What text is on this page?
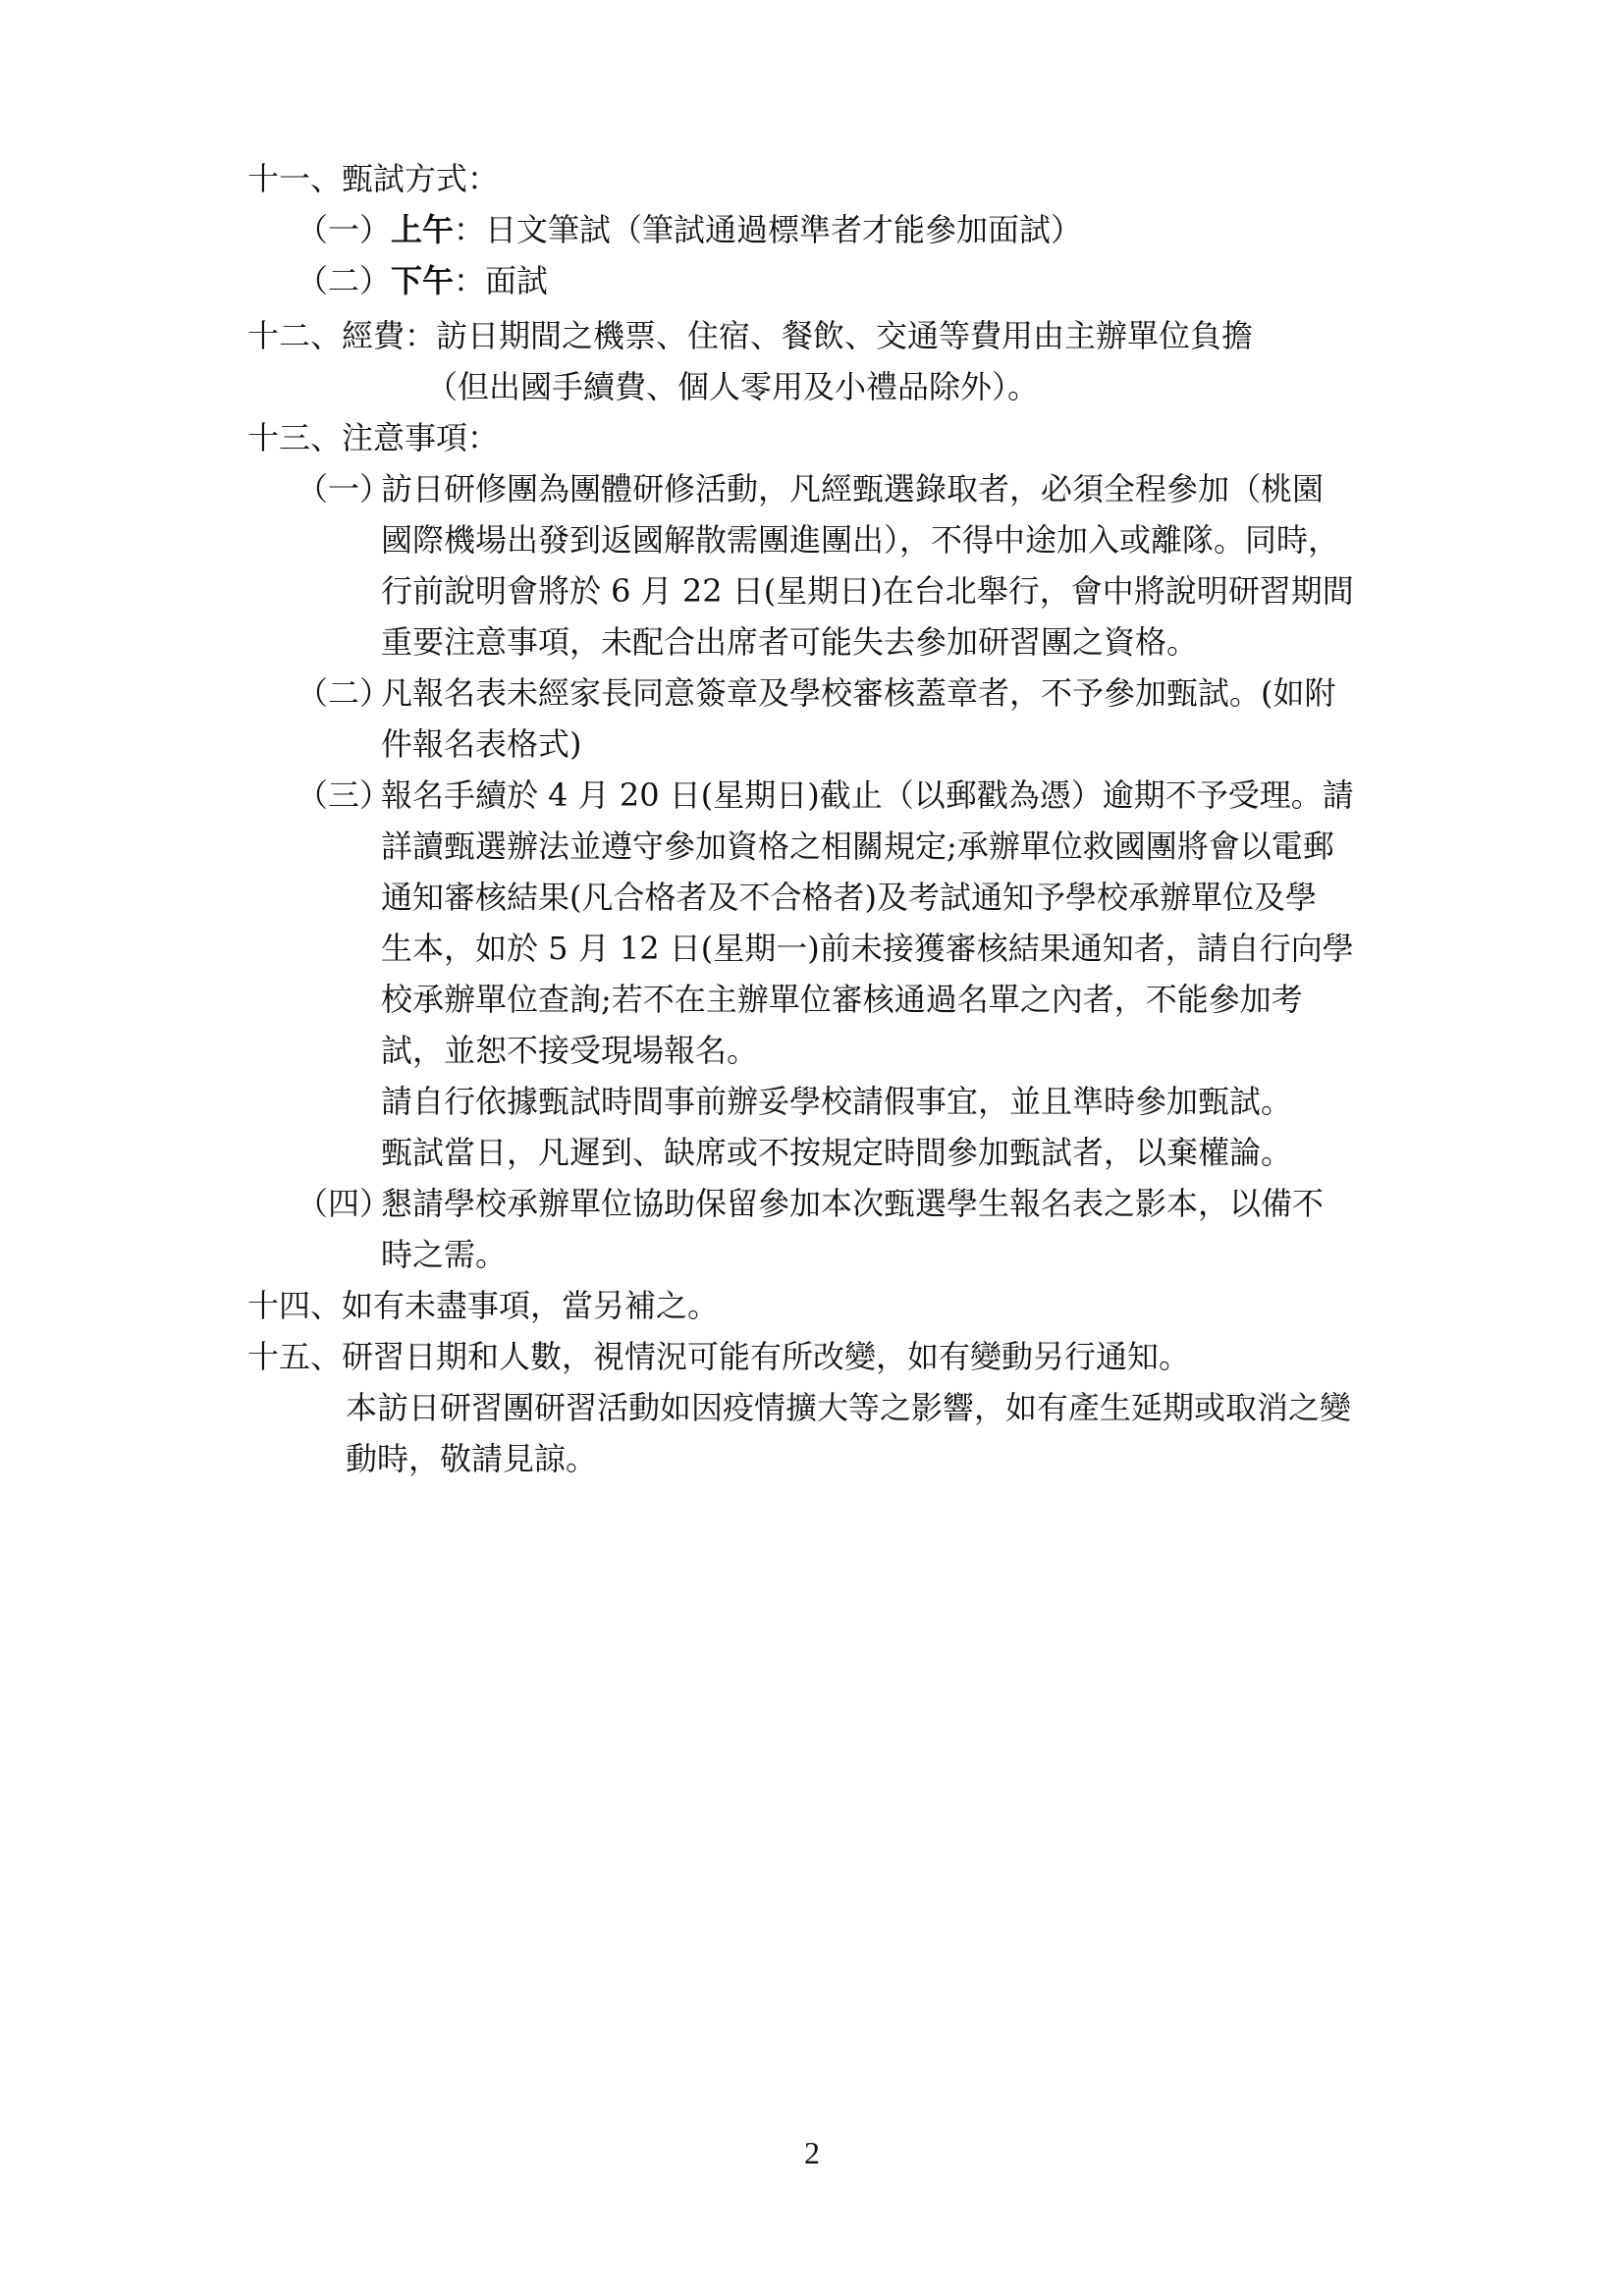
十一、甄試方式：
（一）上午：日文筆試（筆試通過標準者才能參加面試）
（二）下午：面試
十二、經費：訪日期間之機票、住宿、餐飲、交通等費用由主辦單位負擔
（但出國手續費、個人零用及小禮品除外）。
十三、注意事項：
（一）
訪日研修團為團體研修活動，凡經甄選錄取者，必須全程參加（桃園
國際機場出發到返國解散需團進團出），不得中途加入或離隊。同時，
行前說明會將於 6 月 22 日(星期日)在台北舉行，會中將說明研習期間
重要注意事項，未配合出席者可能失去參加研習團之資格。
（二）
凡報名表未經家長同意簽章及學校審核蓋章者，不予參加甄試。(如附
件報名表格式)
（三）
報名手續於 4 月 20 日(星期日)截止（以郵戳為憑）逾期不予受理。請
詳讀甄選辦法並遵守參加資格之相關規定;承辦單位救國團將會以電郵
通知審核結果(凡合格者及不合格者)及考試通知予學校承辦單位及學
生本，如於 5 月 12 日(星期一)前未接獲審核結果通知者，請自行向學
校承辦單位查詢;若不在主辦單位審核通過名單之內者，不能參加考
試，並恕不接受現場報名。
請自行依據甄試時間事前辦妥學校請假事宜，並且準時參加甄試。
甄試當日，凡遲到、缺席或不按規定時間參加甄試者，以棄權論。
（四）
懇請學校承辦單位協助保留參加本次甄選學生報名表之影本，以備不
時之需。
十四、如有未盡事項，當另補之。
十五、研習日期和人數，視情況可能有所改變，如有變動另行通知。
本訪日研習團研習活動如因疫情擴大等之影響，如有產生延期或取消之變
動時，敬請見諒。
2
